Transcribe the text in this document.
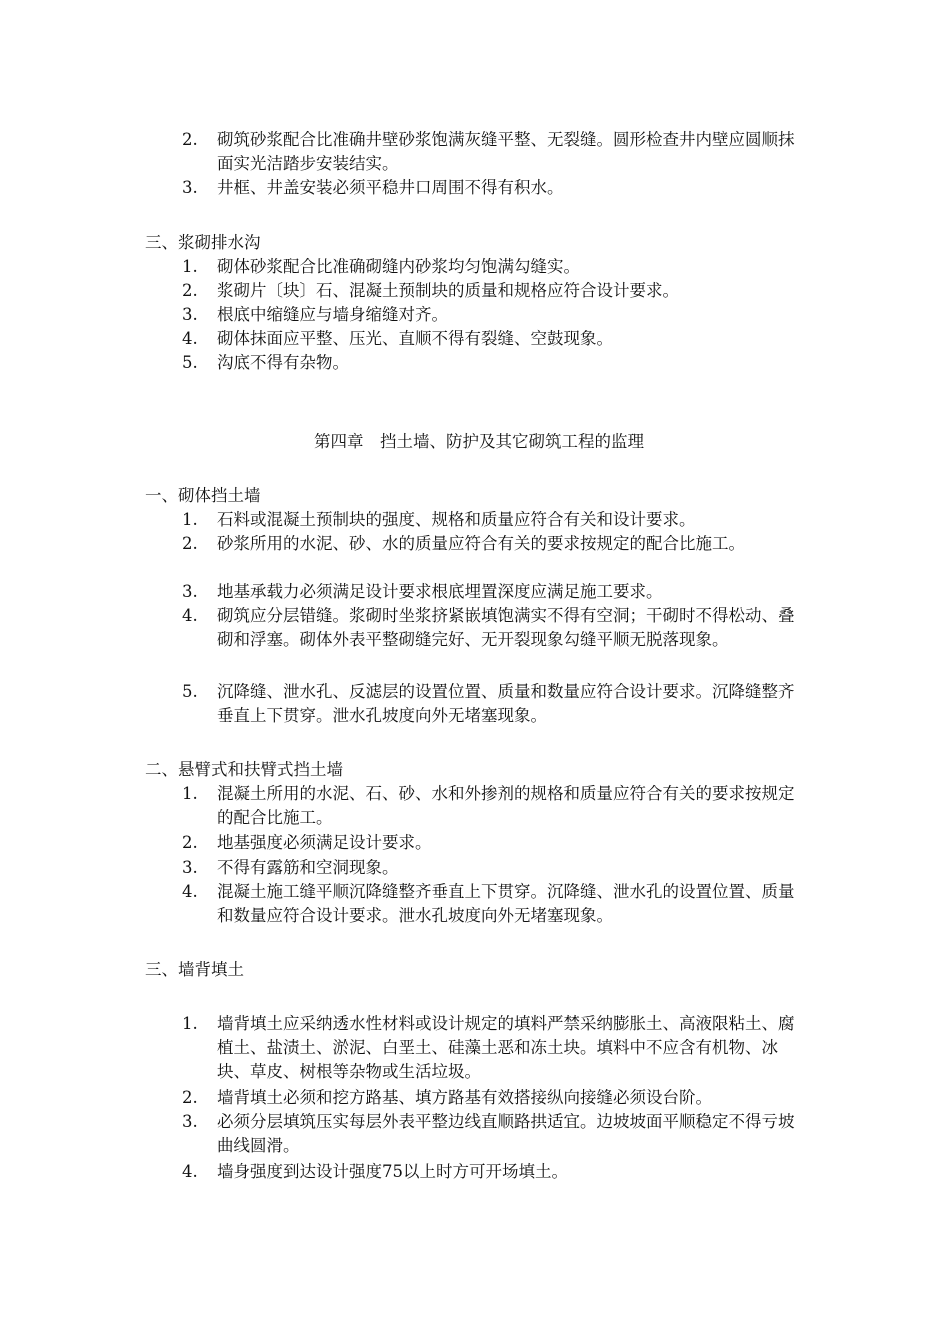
2. 砌筑砂浆配合比准确井壁砂浆饱满灰缝平整、无裂缝。圆形检查井内壁应圆顺抹面实光洁踏步安装结实。
3. 井框、井盖安装必须平稳井口周围不得有积水。
三、浆砌排水沟
1. 砌体砂浆配合比准确砌缝内砂浆均匀饱满勾缝实。
2. 浆砌片〔块〕石、混凝土预制块的质量和规格应符合设计要求。
3. 根底中缩缝应与墙身缩缝对齐。
4. 砌体抹面应平整、压光、直顺不得有裂缝、空鼓现象。
5. 沟底不得有杂物。
第四章　挡土墙、防护及其它砌筑工程的监理
一、砌体挡土墙
1. 石料或混凝土预制块的强度、规格和质量应符合有关和设计要求。
2. 砂浆所用的水泥、砂、水的质量应符合有关的要求按规定的配合比施工。
3. 地基承载力必须满足设计要求根底埋置深度应满足施工要求。
4. 砌筑应分层错缝。浆砌时坐浆挤紧嵌填饱满实不得有空洞；干砌时不得松动、叠砌和浮塞。砌体外表平整砌缝完好、无开裂现象勾缝平顺无脱落现象。
5. 沉降缝、泄水孔、反滤层的设置位置、质量和数量应符合设计要求。沉降缝整齐垂直上下贯穿。泄水孔坡度向外无堵塞现象。
二、悬臂式和扶臂式挡土墙
1. 混凝土所用的水泥、石、砂、水和外掺剂的规格和质量应符合有关的要求按规定的配合比施工。
2. 地基强度必须满足设计要求。
3. 不得有露筋和空洞现象。
4. 混凝土施工缝平顺沉降缝整齐垂直上下贯穿。沉降缝、泄水孔的设置位置、质量和数量应符合设计要求。泄水孔坡度向外无堵塞现象。
三、墙背填土
1. 墙背填土应采纳透水性材料或设计规定的填料严禁采纳膨胀土、高液限粘土、腐植土、盐渍土、淤泥、白垩土、硅藻土恶和冻土块。填料中不应含有机物、冰块、草皮、树根等杂物或生活垃圾。
2. 墙背填土必须和挖方路基、填方路基有效搭接纵向接缝必须设台阶。
3. 必须分层填筑压实每层外表平整边线直顺路拱适宜。边坡坡面平顺稳定不得亏坡曲线圆滑。
4. 墙身强度到达设计强度75以上时方可开场填土。
